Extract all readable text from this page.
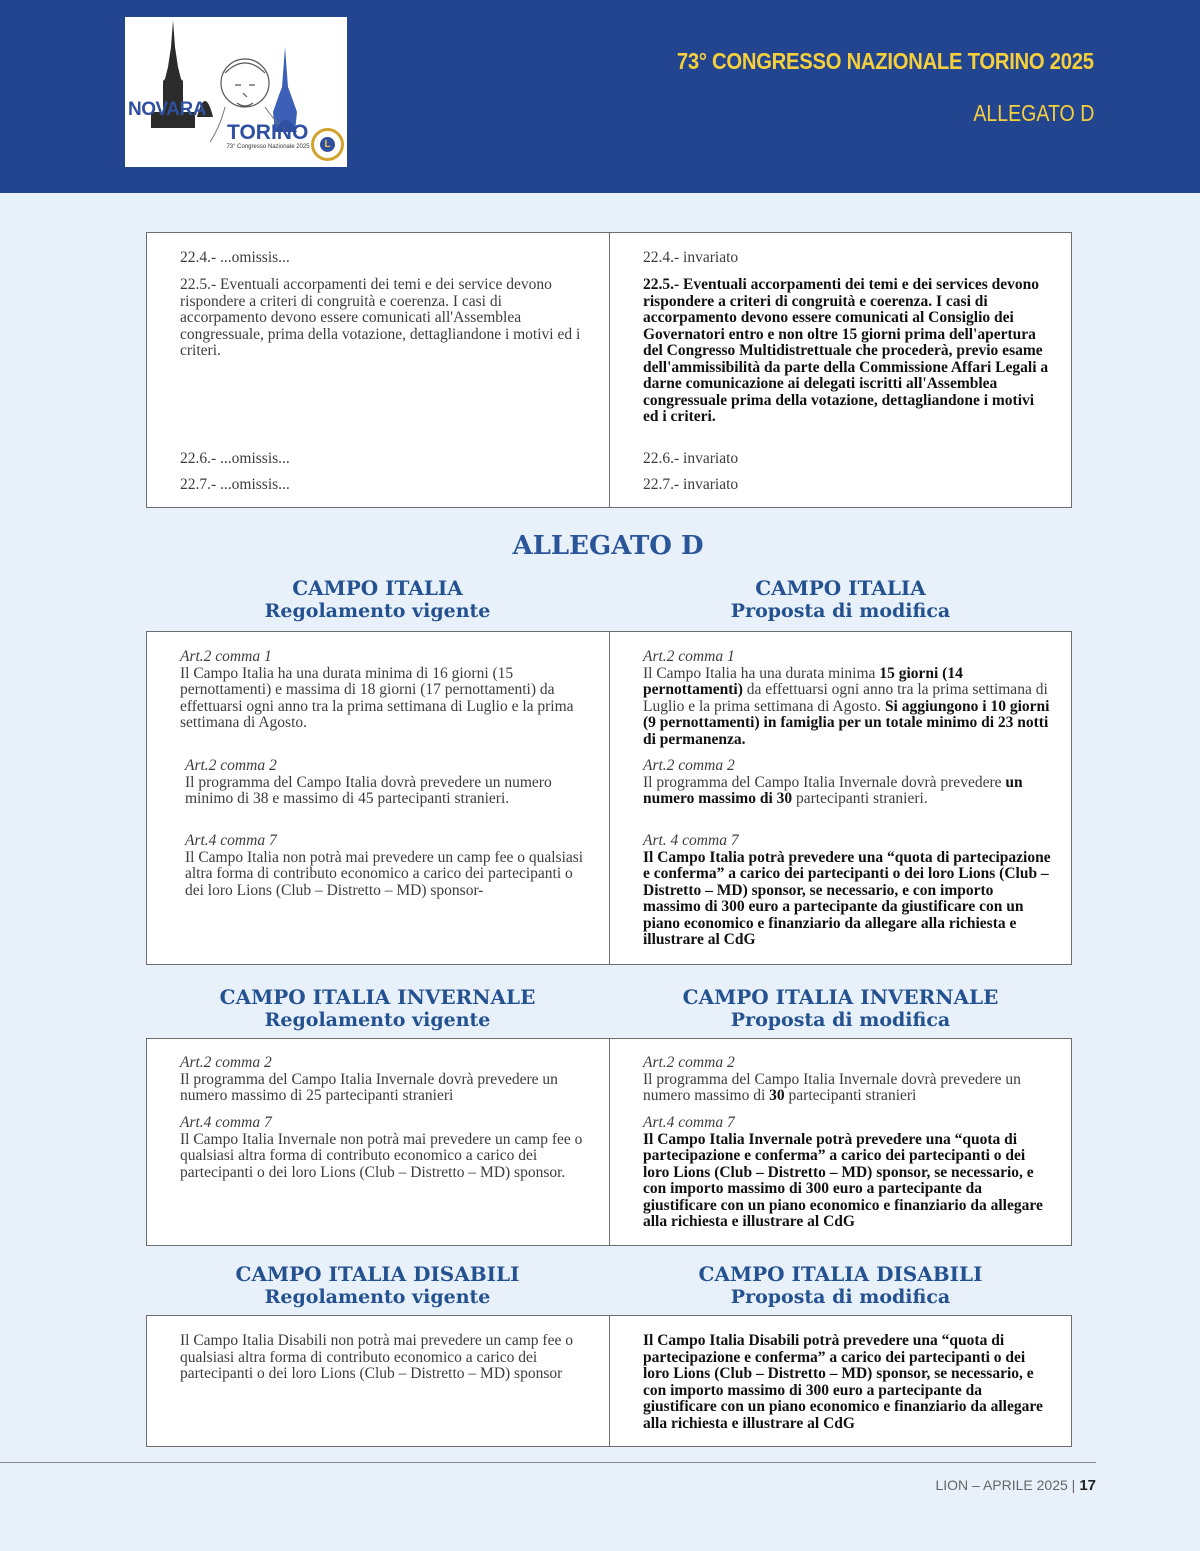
NOVARA
TORINO
73° Congresso Nazionale 2025	L
73° CONGRESSO NAZIONALE TORINO 2025
ALLEGATO D
22.4.- ...omissis...
22.5.- Eventuali accorpamenti dei temi e dei service devono rispondere a criteri di congruità e coerenza. I casi di accorpamento devono essere comunicati all'Assemblea congressuale, prima della votazione, dettagliandone i motivi ed i criteri.
22.6.- ...omissis...
22.7.- ...omissis...
22.4.- invariato
22.5.- Eventuali accorpamenti dei temi e dei services devono rispondere a criteri di congruità e coerenza. I casi di accorpamento devono essere comunicati al Consiglio dei Governatori entro e non oltre 15 giorni prima dell'apertura del Congresso Multidistrettuale che procederà, previo esame dell'ammissibilità da parte della Commissione Affari Legali a darne comunicazione ai delegati iscritti all'Assemblea congressuale prima della votazione, dettagliandone i motivi ed i criteri.
22.6.- invariato
22.7.- invariato
ALLEGATO D
CAMPO ITALIA
Regolamento vigente
CAMPO ITALIA
Proposta di modifica
Art.2 comma 1
Il Campo Italia ha una durata minima di 16 giorni (15 pernottamenti) e massima di 18 giorni (17 pernottamenti) da effettuarsi ogni anno tra la prima settimana di Luglio e la prima settimana di Agosto.
Art.2 comma 2
Il programma del Campo Italia dovrà prevedere un numero minimo di 38 e massimo di 45 partecipanti stranieri.
Art.4 comma 7
Il Campo Italia non potrà mai prevedere un camp fee o qualsiasi altra forma di contributo economico a carico dei partecipanti o dei loro Lions (Club – Distretto – MD) sponsor-
Art.2 comma 1
Il Campo Italia ha una durata minima 15 giorni (14 pernottamenti) da effettuarsi ogni anno tra la prima settimana di Luglio e la prima settimana di Agosto. Si aggiungono i 10 giorni (9 pernottamenti) in famiglia per un totale minimo di 23 notti di permanenza.
Art.2 comma 2
Il programma del Campo Italia Invernale dovrà prevedere un numero massimo di 30 partecipanti stranieri.
Art. 4 comma 7
Il Campo Italia potrà prevedere una “quota di partecipazione e conferma” a carico dei partecipanti o dei loro Lions (Club – Distretto – MD) sponsor, se necessario, e con importo massimo di 300 euro a partecipante da giustificare con un piano economico e finanziario da allegare alla richiesta e illustrare al CdG
CAMPO ITALIA INVERNALE
Regolamento vigente
CAMPO ITALIA INVERNALE
Proposta di modifica
Art.2 comma 2
Il programma del Campo Italia Invernale dovrà prevedere un numero massimo di 25 partecipanti stranieri
Art.4 comma 7
Il Campo Italia Invernale non potrà mai prevedere un camp fee o qualsiasi altra forma di contributo economico a carico dei partecipanti o dei loro Lions (Club – Distretto – MD) sponsor.
Art.2 comma 2
Il programma del Campo Italia Invernale dovrà prevedere un numero massimo di 30 partecipanti stranieri
Art.4 comma 7
Il Campo Italia Invernale potrà prevedere una “quota di partecipazione e conferma” a carico dei partecipanti o dei loro Lions (Club – Distretto – MD) sponsor, se necessario, e con importo massimo di 300 euro a partecipante da giustificare con un piano economico e finanziario da allegare alla richiesta e illustrare al CdG
CAMPO ITALIA DISABILI
Regolamento vigente
CAMPO ITALIA DISABILI
Proposta di modifica
Il Campo Italia Disabili non potrà mai prevedere un camp fee o qualsiasi altra forma di contributo economico a carico dei partecipanti o dei loro Lions (Club – Distretto – MD) sponsor
Il Campo Italia Disabili potrà prevedere una “quota di partecipazione e conferma” a carico dei partecipanti o dei loro Lions (Club – Distretto – MD) sponsor, se necessario, e con importo massimo di 300 euro a partecipante da giustificare con un piano economico e finanziario da allegare alla richiesta e illustrare al CdG
LION – APRILE 2025 | 17
